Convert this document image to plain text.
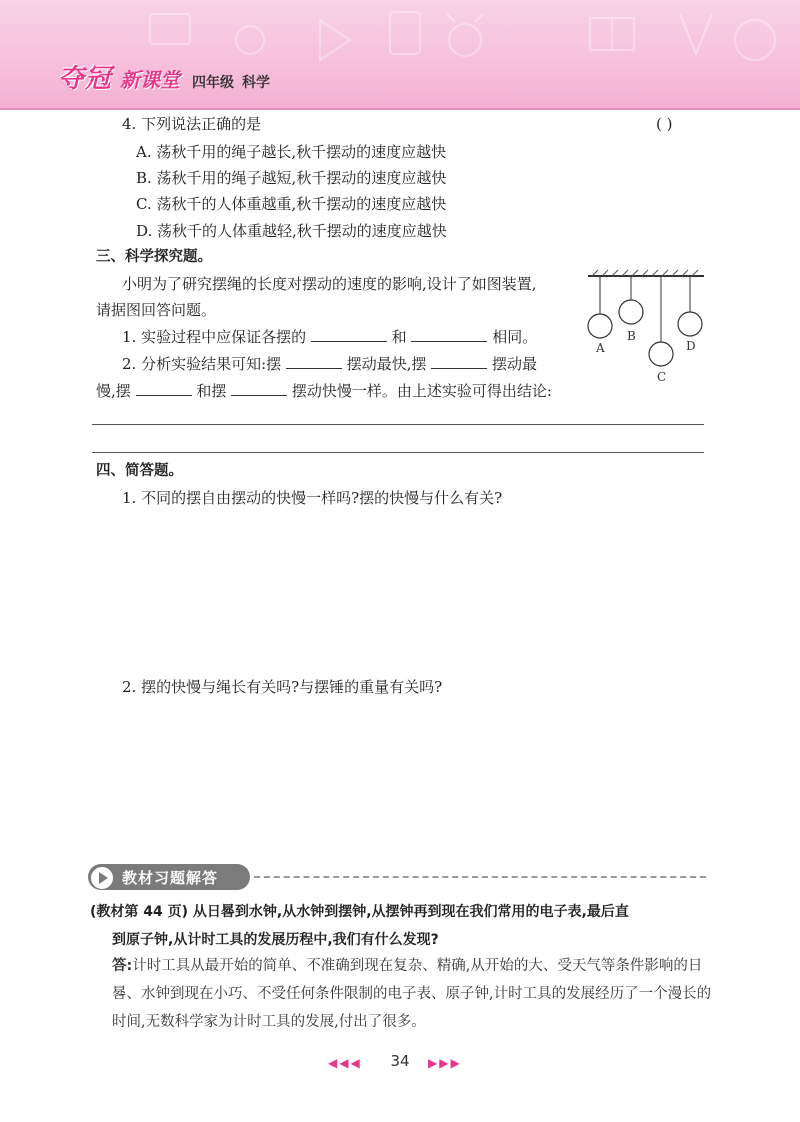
夺冠 新课堂 四年级 科学
4. 下列说法正确的是	( )
A. 荡秋千用的绳子越长,秋千摆动的速度应越快
B. 荡秋千用的绳子越短,秋千摆动的速度应越快
C. 荡秋千的人体重越重,秋千摆动的速度应越快
D. 荡秋千的人体重越轻,秋千摆动的速度应越快
三、科学探究题。
小明为了研究摆绳的长度对摆动的速度的影响,设计了如图装置,
请据图回答问题。
1. 实验过程中应保证各摆的	和	相同。
2. 分析实验结果可知:摆	摆动最快,摆	摆动最
慢,摆	和摆	摆动快慢一样。由上述实验可得出结论:
A
B
C
D
四、简答题。
1. 不同的摆自由摆动的快慢一样吗?摆的快慢与什么有关?
2. 摆的快慢与绳长有关吗?与摆锤的重量有关吗?
教材习题解答
(教材第 44 页) 从日晷到水钟,从水钟到摆钟,从摆钟再到现在我们常用的电子表,最后直
到原子钟,从计时工具的发展历程中,我们有什么发现?
答:计时工具从最开始的简单、不准确到现在复杂、精确,从开始的大、受天气等条件影响的日晷、水钟到现在小巧、不受任何条件限制的电子表、原子钟,计时工具的发展经历了一个漫长的时间,无数科学家为计时工具的发展,付出了很多。
◀◀◀	34	▶▶▶
